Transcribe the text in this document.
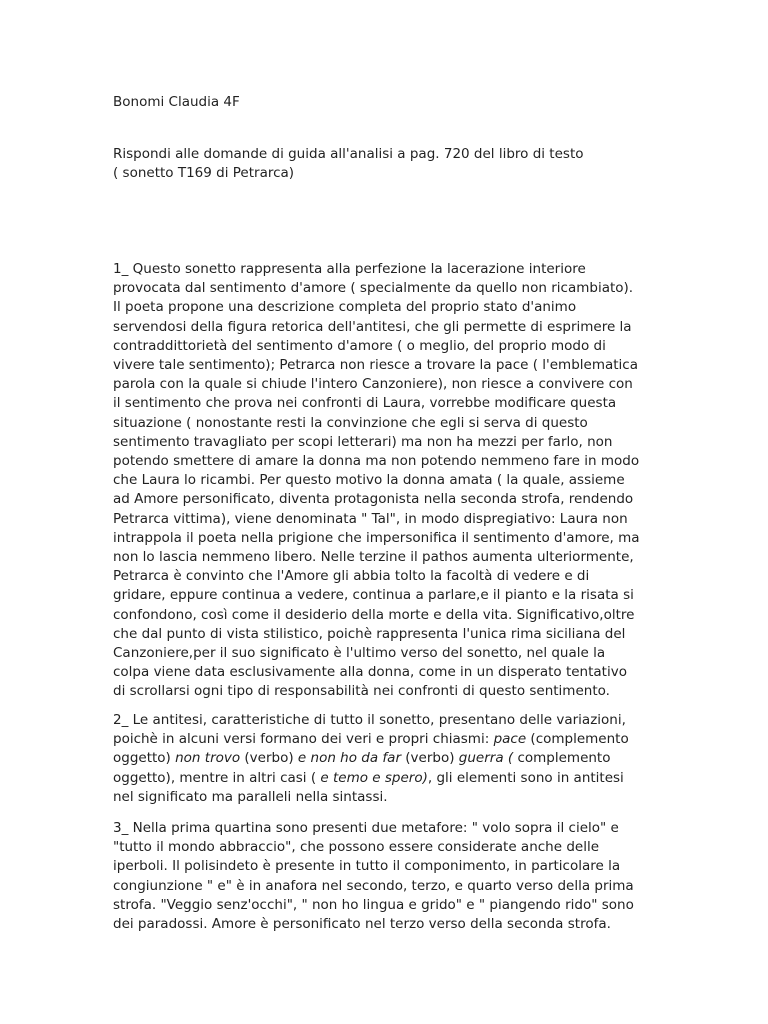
Bonomi Claudia 4F
Rispondi alle domande di guida all'analisi a pag. 720 del libro di testo
( sonetto T169 di Petrarca)
1_ Questo sonetto rappresenta alla perfezione la lacerazione interiore
provocata dal sentimento d'amore ( specialmente da quello non ricambiato).
Il poeta propone una descrizione completa del proprio stato d'animo
servendosi della figura retorica dell'antitesi, che gli permette di esprimere la
contraddittorietà del sentimento d'amore ( o meglio, del proprio modo di
vivere tale sentimento); Petrarca non riesce a trovare la pace ( l'emblematica
parola con la quale si chiude l'intero Canzoniere), non riesce a convivere con
il sentimento che prova nei confronti di Laura, vorrebbe modificare questa
situazione ( nonostante resti la convinzione che egli si serva di questo
sentimento travagliato per scopi letterari) ma non ha mezzi per farlo, non
potendo smettere di amare la donna ma non potendo nemmeno fare in modo
che Laura lo ricambi. Per questo motivo la donna amata ( la quale, assieme
ad Amore personificato, diventa protagonista nella seconda strofa, rendendo
Petrarca vittima), viene denominata " Tal", in modo dispregiativo: Laura non
intrappola il poeta nella prigione che impersonifica il sentimento d'amore, ma
non lo lascia nemmeno libero. Nelle terzine il pathos aumenta ulteriormente,
Petrarca è convinto che l'Amore gli abbia tolto la facoltà di vedere e di
gridare, eppure continua a vedere, continua a parlare,e il pianto e la risata si
confondono, così come il desiderio della morte e della vita. Significativo,oltre
che dal punto di vista stilistico, poichè rappresenta l'unica rima siciliana del
Canzoniere,per il suo significato è l'ultimo verso del sonetto, nel quale la
colpa viene data esclusivamente alla donna, come in un disperato tentativo
di scrollarsi ogni tipo di responsabilità nei confronti di questo sentimento.
2_ Le antitesi, caratteristiche di tutto il sonetto, presentano delle variazioni,
poichè in alcuni versi formano dei veri e propri chiasmi: pace (complemento
oggetto) non trovo (verbo) e non ho da far (verbo) guerra ( complemento
oggetto), mentre in altri casi ( e temo e spero), gli elementi sono in antitesi
nel significato ma paralleli nella sintassi.
3_ Nella prima quartina sono presenti due metafore: " volo sopra il cielo" e
"tutto il mondo abbraccio", che possono essere considerate anche delle
iperboli. Il polisindeto è presente in tutto il componimento, in particolare la
congiunzione " e" è in anafora nel secondo, terzo, e quarto verso della prima
strofa. "Veggio senz'occhi", " non ho lingua e grido" e " piangendo rido" sono
dei paradossi. Amore è personificato nel terzo verso della seconda strofa.
